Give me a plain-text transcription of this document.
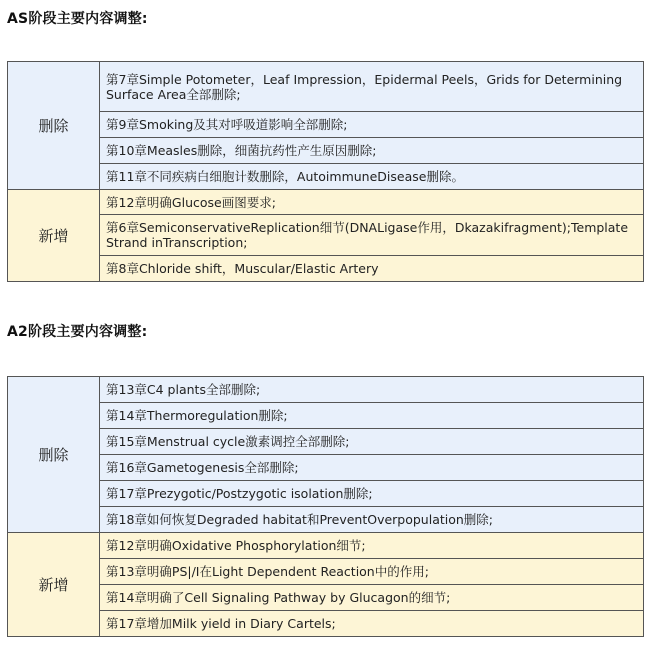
AS阶段主要内容调整:
删除	第7章Simple Potometer，Leaf Impression，Epidermal Peels，Grids for Determining Surface Area全部删除;
	第9章Smoking及其对呼吸道影响全部删除;
	第10章Measles删除，细菌抗药性产生原因删除;
	第11章不同疾病白细胞计数删除，AutoimmuneDisease删除。
新增	第12章明确Glucose画图要求;
	第6章SemiconservativeReplication细节(DNALigase作用，Dkazakifragment);Template Strand inTranscription;
	第8章Chloride shift，Muscular/Elastic Artery
A2阶段主要内容调整:
删除	第13章C4 plants全部删除;
	第14章Thermoregulation删除;
	第15章Menstrual cycle激素调控全部删除;
	第16章Gametogenesis全部删除;
	第17章Prezygotic/Postzygotic isolation删除;
	第18章如何恢复Degraded habitat和PreventOverpopulation删除;
新增	第12章明确Oxidative Phosphorylation细节;
	第13章明确PS|/I在Light Dependent Reaction中的作用;
	第14章明确了Cell Signaling Pathway by Glucagon的细节;
	第17章增加Milk yield in Diary Cartels;
